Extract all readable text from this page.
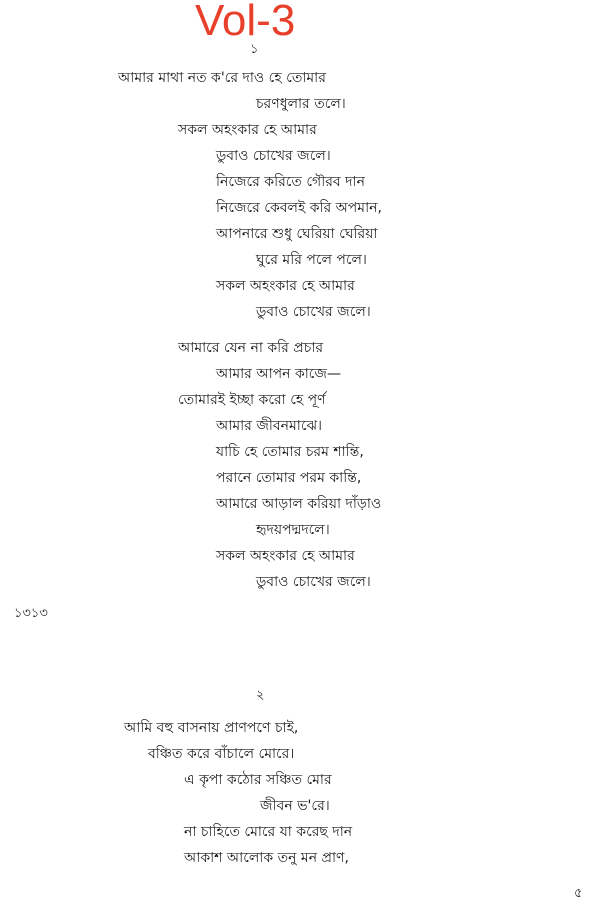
Vol-3
১
আমার মাথা নত ক'রে দাও হে তোমার
চরণধুলার তলে।
সকল অহংকার হে আমার
ডুবাও চোখের জলে।
নিজেরে করিতে গৌরব দান
নিজেরে কেবলই করি অপমান,
আপনারে শুধু ঘেরিয়া ঘেরিয়া
ঘুরে মরি পলে পলে।
সকল অহংকার হে আমার
ডুবাও চোখের জলে।
আমারে যেন না করি প্রচার
আমার আপন কাজে—
তোমারই ইচ্ছা করো হে পূর্ণ
আমার জীবনমাঝে।
যাচি হে তোমার চরম শান্তি,
পরানে তোমার পরম কান্তি,
আমারে আড়াল করিয়া দাঁড়াও
হৃদয়পদ্মদলে।
সকল অহংকার হে আমার
ডুবাও চোখের জলে।
১৩১৩
২
আমি বহু বাসনায় প্রাণপণে চাই,
বঞ্চিত করে বাঁচালে মোরে।
এ কৃপা কঠোর সঞ্চিত মোর
জীবন ভ'রে।
না চাহিতে মোরে যা করেছ দান
আকাশ আলোক তনু মন প্রাণ,
৫
